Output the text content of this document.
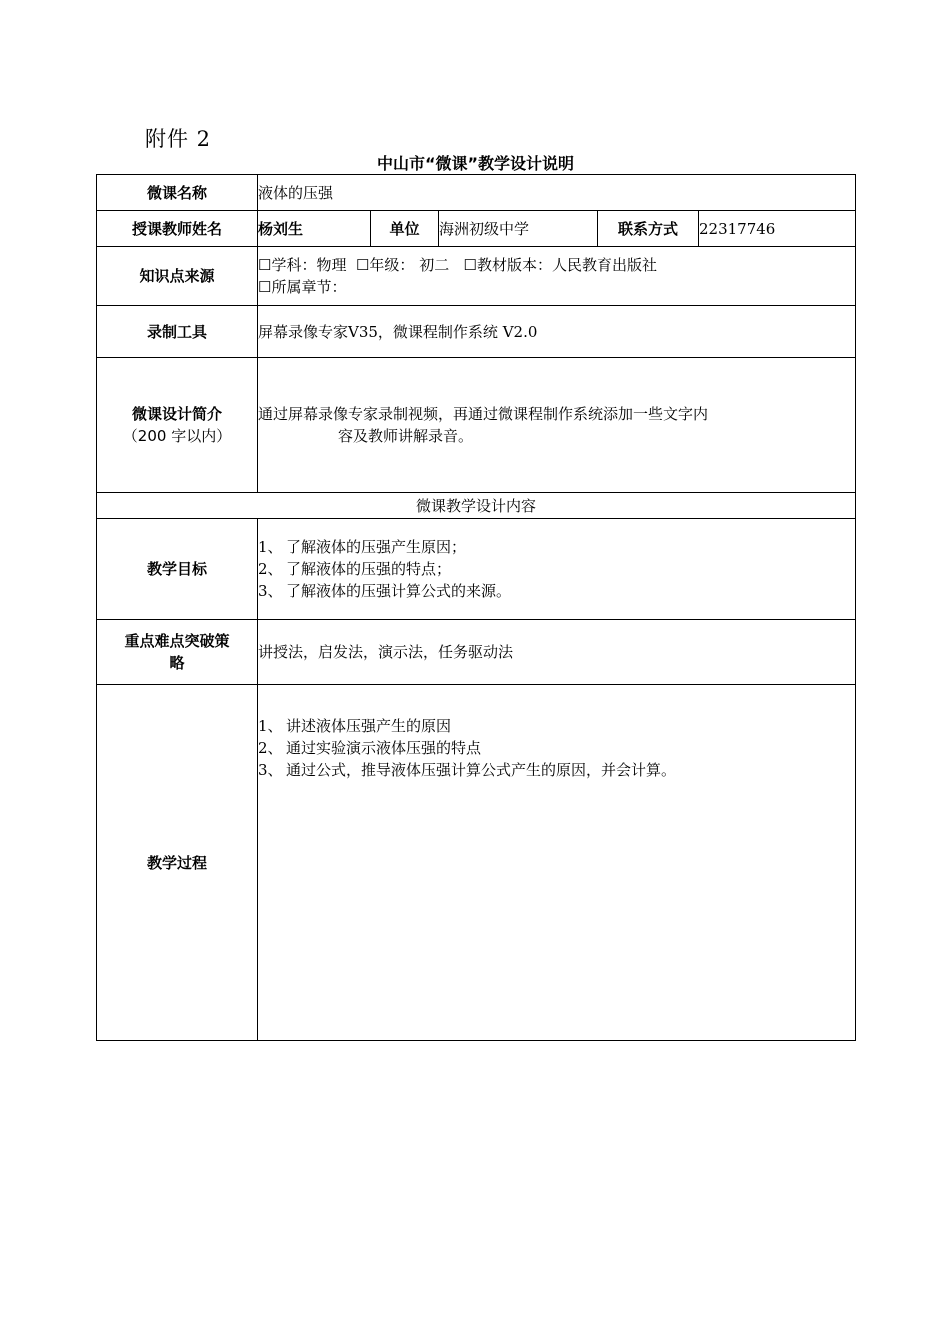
附件 2
中山市“微课”教学设计说明
微课名称	液体的压强				
授课教师姓名	杨刘生	单位	海洲初级中学	联系方式	22317746
知识点来源	☐学科：物理  ☐年级： 初二   ☐教材版本：人民教育出版社
☐所属章节：				

录制工具	屏幕录像专家V35，微课程制作系统 V2.0				

微课设计简介
（200 字以内）	通过屏幕录像专家录制视频，再通过微课程制作系统添加一些文字内
容及教师讲解录音。				

微课教学设计内容					
教学目标	1、 了解液体的压强产生原因；
2、 了解液体的压强的特点；
3、 了解液体的压强计算公式的来源。				

重点难点突破策
略	讲授法，启发法，演示法，任务驱动法				
教学过程	1、 讲述液体压强产生的原因
2、 通过实验演示液体压强的特点
3、 通过公式，推导液体压强计算公式产生的原因，并会计算。				
